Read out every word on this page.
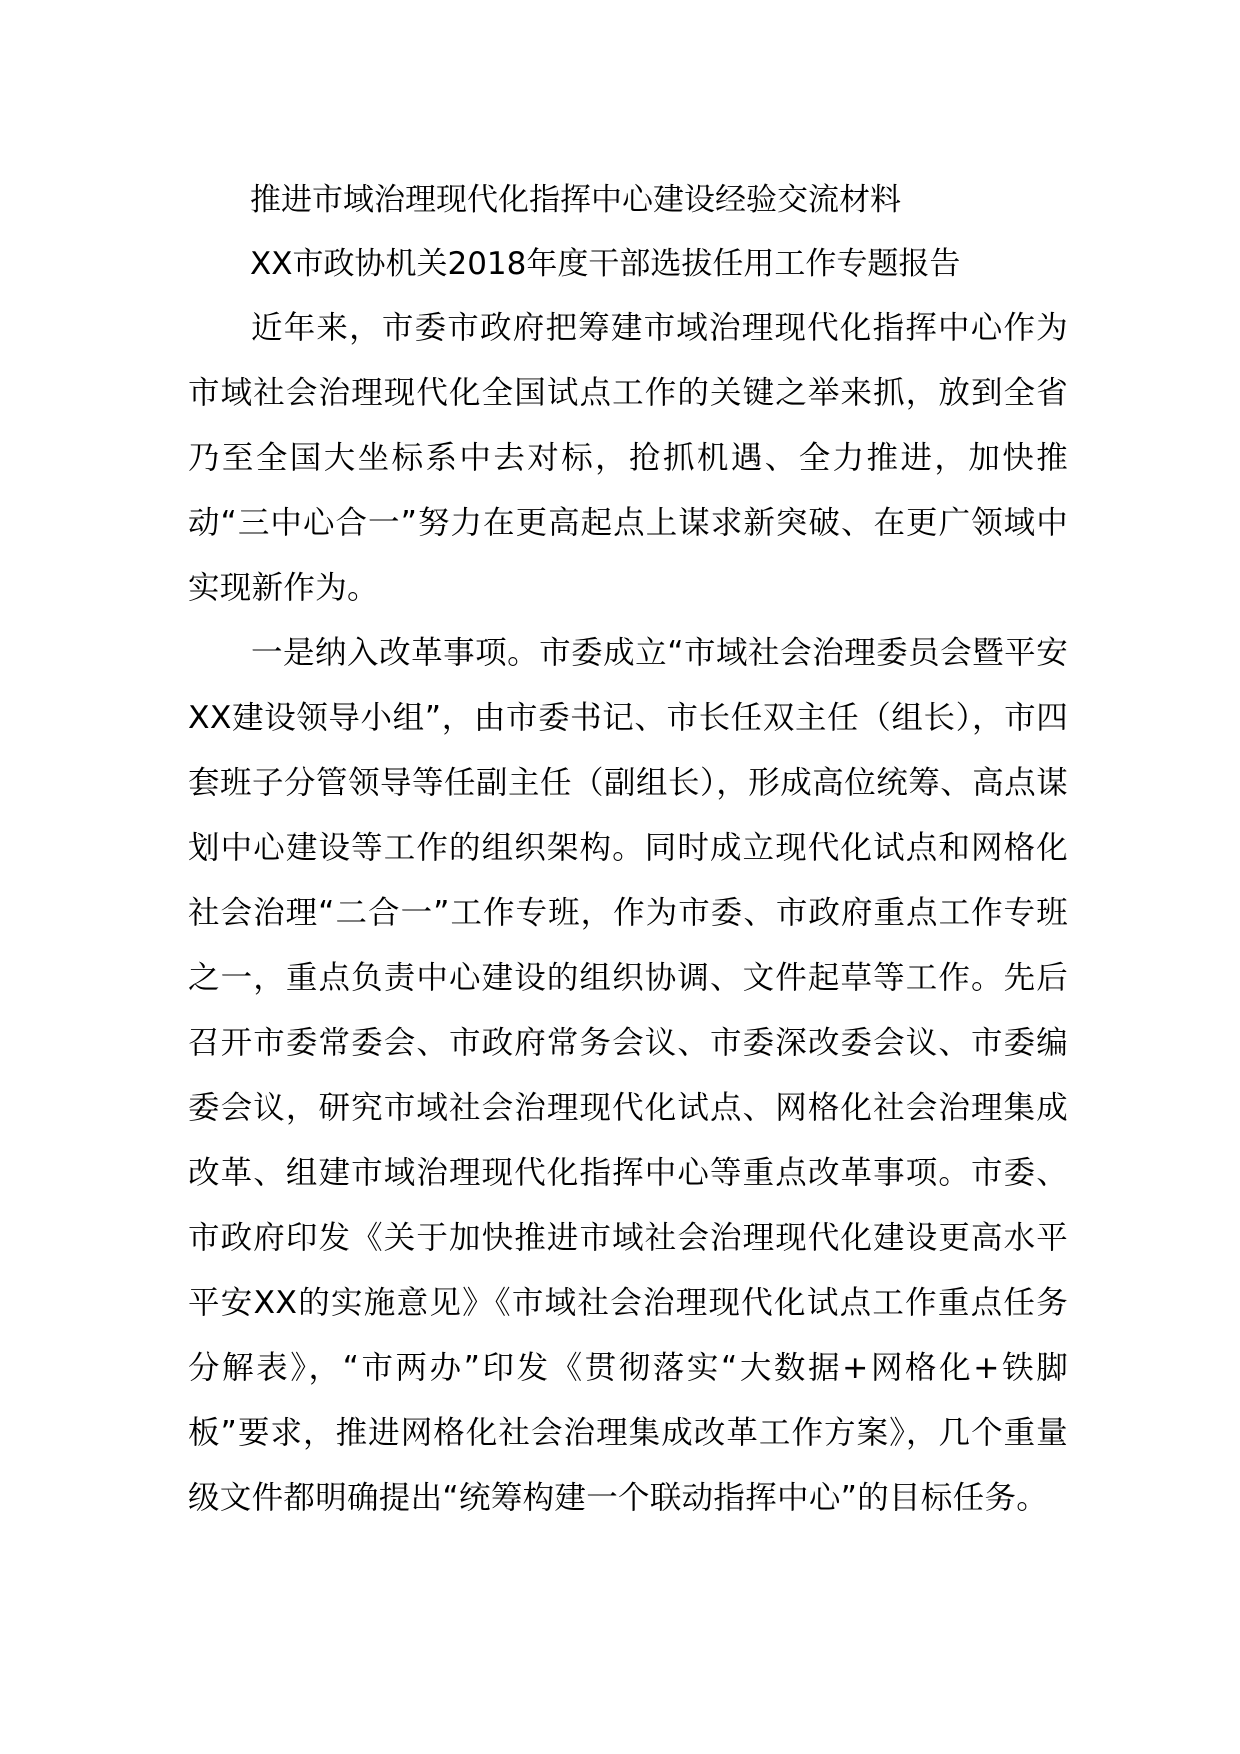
推进市域治理现代化指挥中心建设经验交流材料

XX市政协机关2018年度干部选拔任用工作专题报告

近年来，市委市政府把筹建市域治理现代化指挥中心作为市域社会治理现代化全国试点工作的关键之举来抓，放到全省乃至全国大坐标系中去对标，抢抓机遇、全力推进，加快推动“三中心合一”努力在更高起点上谋求新突破、在更广领域中实现新作为。

一是纳入改革事项。市委成立“市域社会治理委员会暨平安XX建设领导小组”，由市委书记、市长任双主任（组长），市四套班子分管领导等任副主任（副组长），形成高位统筹、高点谋划中心建设等工作的组织架构。同时成立现代化试点和网格化社会治理“二合一”工作专班，作为市委、市政府重点工作专班之一，重点负责中心建设的组织协调、文件起草等工作。先后召开市委常委会、市政府常务会议、市委深改委会议、市委编委会议，研究市域社会治理现代化试点、网格化社会治理集成改革、组建市域治理现代化指挥中心等重点改革事项。市委、市政府印发《关于加快推进市域社会治理现代化建设更高水平平安XX的实施意见》《市域社会治理现代化试点工作重点任务分解表》，“市两办”印发《贯彻落实“大数据+网格化+铁脚板”要求，推进网格化社会治理集成改革工作方案》，几个重量级文件都明确提出“统筹构建一个联动指挥中心”的目标任务。
